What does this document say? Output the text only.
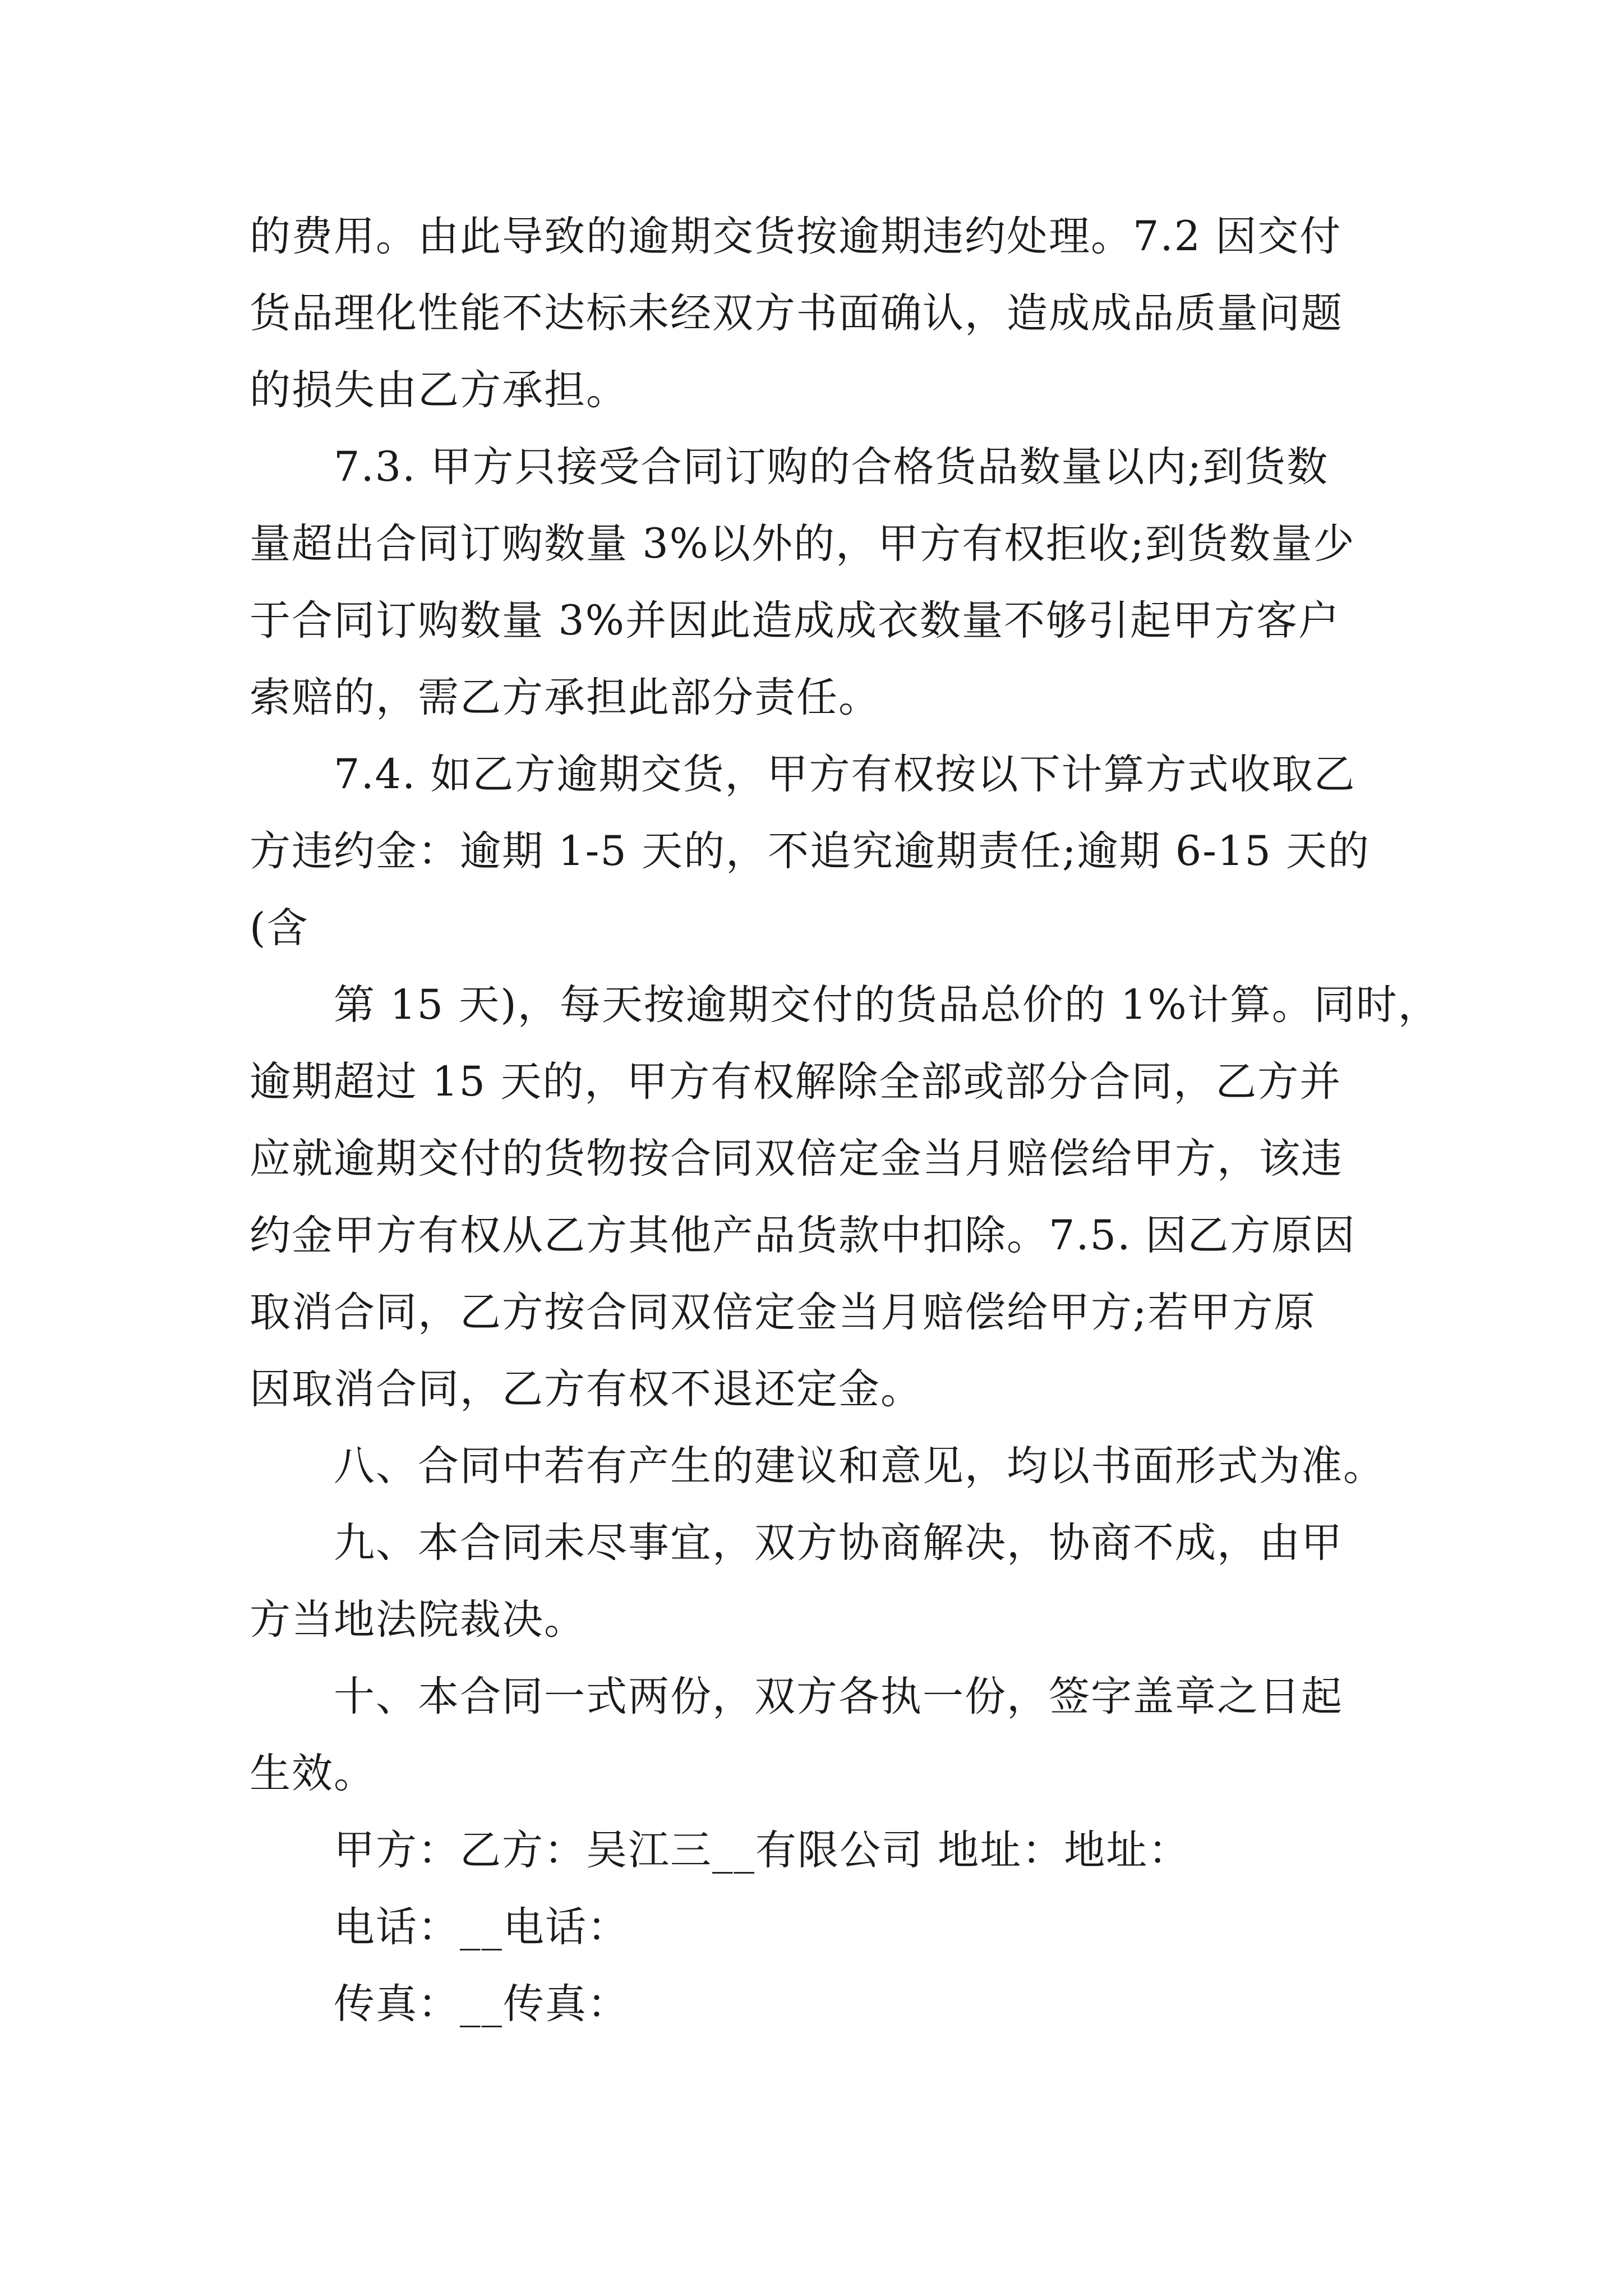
的费用。由此导致的逾期交货按逾期违约处理。7.2 因交付
货品理化性能不达标未经双方书面确认，造成成品质量问题
的损失由乙方承担。
　　7.3. 甲方只接受合同订购的合格货品数量以内;到货数
量超出合同订购数量 3%以外的，甲方有权拒收;到货数量少
于合同订购数量 3%并因此造成成衣数量不够引起甲方客户
索赔的，需乙方承担此部分责任。
　　7.4. 如乙方逾期交货，甲方有权按以下计算方式收取乙
方违约金：逾期 1-5 天的，不追究逾期责任;逾期 6-15 天的
(含
　　第 15 天)，每天按逾期交付的货品总价的 1%计算。同时，
逾期超过 15 天的，甲方有权解除全部或部分合同，乙方并
应就逾期交付的货物按合同双倍定金当月赔偿给甲方，该违
约金甲方有权从乙方其他产品货款中扣除。7.5. 因乙方原因
取消合同，乙方按合同双倍定金当月赔偿给甲方;若甲方原
因取消合同，乙方有权不退还定金。
　　八、合同中若有产生的建议和意见，均以书面形式为准。
　　九、本合同未尽事宜，双方协商解决，协商不成，由甲
方当地法院裁决。
　　十、本合同一式两份，双方各执一份，签字盖章之日起
生效。
　　甲方：乙方：吴江三__有限公司 地址：地址：
　　电话：__电话：
　　传真：__传真：
